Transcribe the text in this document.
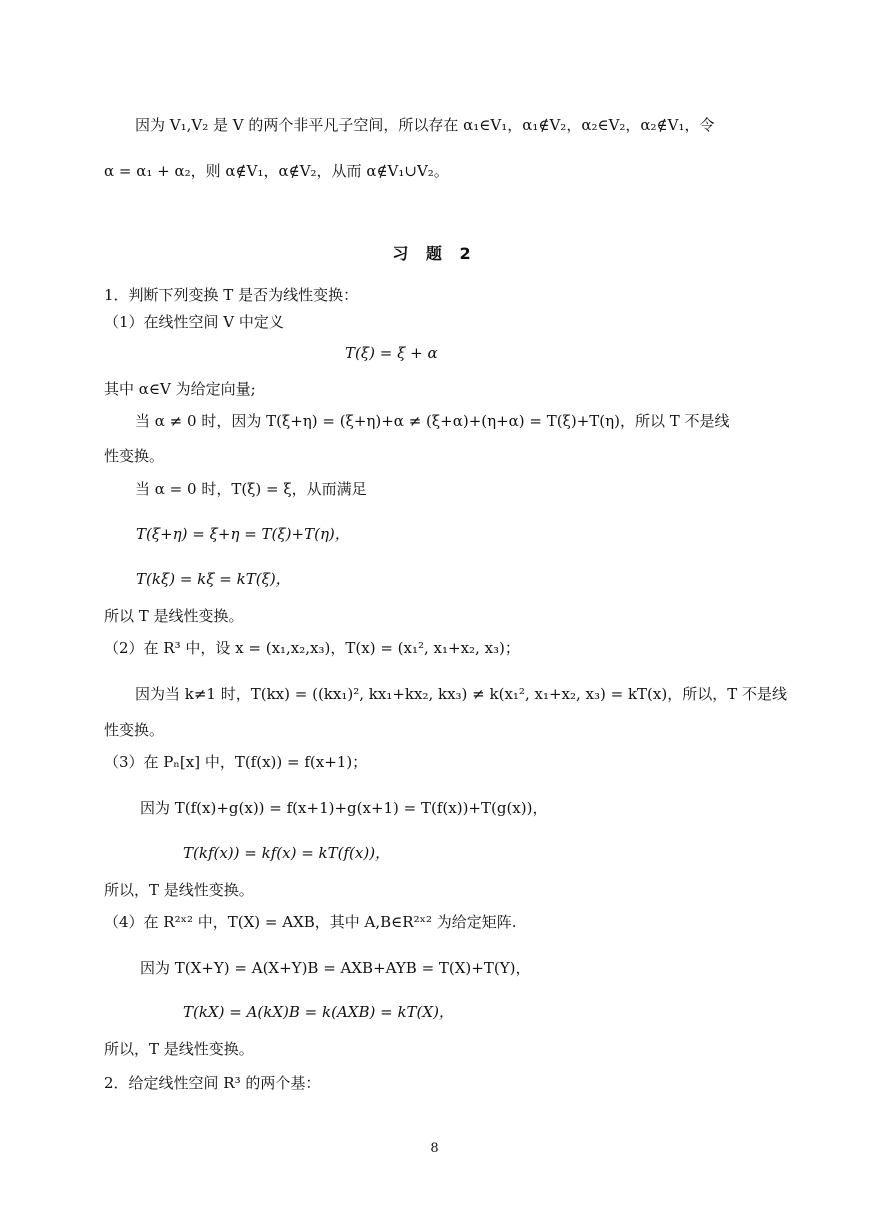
因为 V₁,V₂ 是 V 的两个非平凡子空间，所以存在 α₁∈V₁，α₁∉V₂，α₂∈V₂，α₂∉V₁，令
α = α₁ + α₂，则 α∉V₁，α∉V₂，从而 α∉V₁∪V₂。
习 题 2
1．判断下列变换 T 是否为线性变换：
（1）在线性空间 V 中定义
T(ξ) = ξ + α
其中 α∈V 为给定向量;
当 α ≠ 0 时，因为 T(ξ+η) = (ξ+η)+α ≠ (ξ+α)+(η+α) = T(ξ)+T(η)，所以 T 不是线
性变换。
当 α = 0 时，T(ξ) = ξ，从而满足
T(ξ+η) = ξ+η = T(ξ)+T(η)，
T(kξ) = kξ = kT(ξ)，
所以 T 是线性变换。
（2）在 R³ 中，设 x = (x₁,x₂,x₃)，T(x) = (x₁², x₁+x₂, x₃)；
因为当 k≠1 时，T(kx) = ((kx₁)², kx₁+kx₂, kx₃) ≠ k(x₁², x₁+x₂, x₃) = kT(x)，所以，T 不是线
性变换。
（3）在 Pₙ[x] 中，T(f(x)) = f(x+1)；
因为 T(f(x)+g(x)) = f(x+1)+g(x+1) = T(f(x))+T(g(x))，
T(kf(x)) = kf(x) = kT(f(x))，
所以，T 是线性变换。
（4）在 R²ˣ² 中，T(X) = AXB，其中 A,B∈R²ˣ² 为给定矩阵.
因为 T(X+Y) = A(X+Y)B = AXB+AYB = T(X)+T(Y)，
T(kX) = A(kX)B = k(AXB) = kT(X)，
所以，T 是线性变换。
2．给定线性空间 R³ 的两个基：
8
